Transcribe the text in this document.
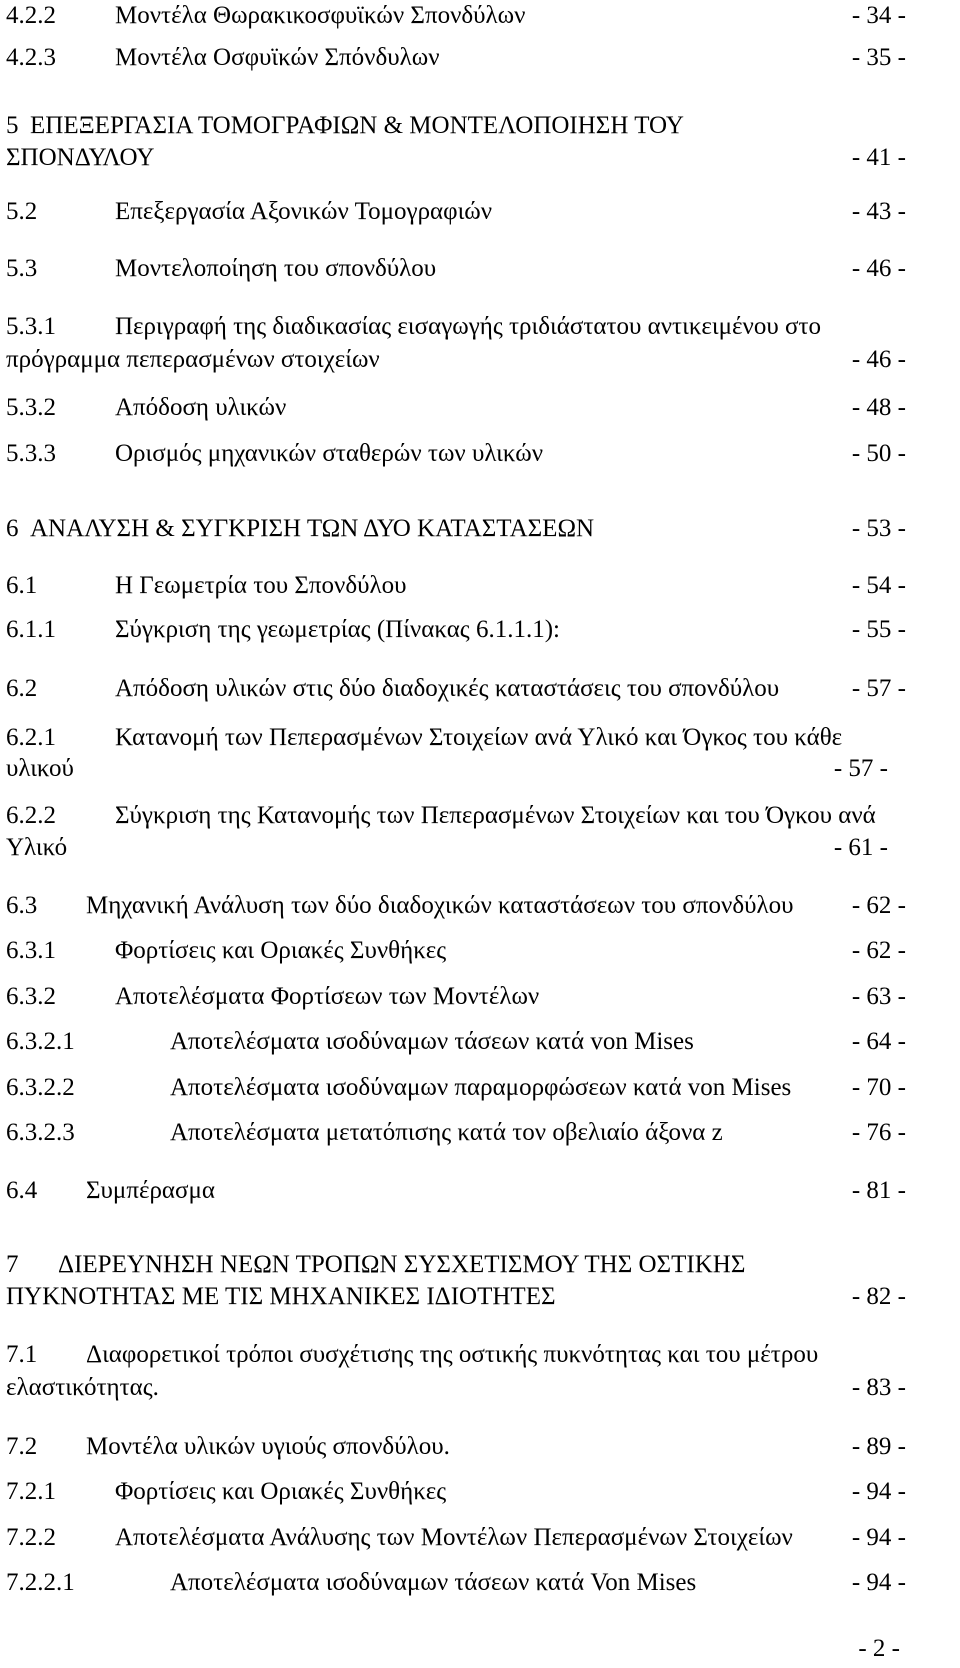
4.2.2 Μοντέλα Θωρακικοσφυϊκών Σπονδύλων	- 34 -
4.2.3 Μοντέλα Οσφυϊκών Σπόνδυλων	- 35 -
5 ΕΠΕΞΕΡΓΑΣΙΑ ΤΟΜΟΓΡΑΦΙΩΝ & ΜΟΝΤΕΛΟΠΟΙΗΣΗ ΤΟΥ
ΣΠΟΝΔΥΛΟΥ	- 41 -
5.2	Επεξεργασία Αξονικών Τομογραφιών	- 43 -
5.3	Μοντελοποίηση του σπονδύλου	- 46 -
5.3.1 Περιγραφή της διαδικασίας εισαγωγής τριδιάστατου αντικειμένου στο
πρόγραμμα πεπερασμένων στοιχείων	- 46 -
5.3.2 Απόδοση υλικών	- 48 -
5.3.3 Ορισμός μηχανικών σταθερών των υλικών	- 50 -
6 ΑΝΑΛΥΣΗ & ΣΥΓΚΡΙΣΗ ΤΩΝ ΔΥΟ ΚΑΤΑΣΤΑΣΕΩΝ	- 53 -
6.1	Η Γεωμετρία του Σπονδύλου	- 54 -
6.1.1 Σύγκριση της γεωμετρίας (Πίνακας 6.1.1.1):	- 55 -
6.2	Απόδοση υλικών στις δύο διαδοχικές καταστάσεις του σπονδύλου	- 57 -
6.2.1 Κατανομή των Πεπερασμένων Στοιχείων ανά Υλικό και Όγκος του κάθε
υλικού	- 57 -
6.2.2 Σύγκριση της Κατανομής των Πεπερασμένων Στοιχείων και του Όγκου ανά
Υλικό	- 61 -
6.3 Μηχανική Ανάλυση των δύο διαδοχικών καταστάσεων του σπονδύλου - 62 -
6.3.1 Φορτίσεις και Οριακές Συνθήκες	- 62 -
6.3.2 Αποτελέσματα Φορτίσεων των Μοντέλων	- 63 -
6.3.2.1	Αποτελέσματα ισοδύναμων τάσεων κατά von Mises	- 64 -
6.3.2.2	Αποτελέσματα ισοδύναμων παραμορφώσεων κατά von Mises - 70 -
6.3.2.3	Αποτελέσματα μετατόπισης κατά τον οβελιαίο άξονα z	- 76 -
6.4 Συμπέρασμα	- 81 -
7 ΔΙΕΡΕΥΝΗΣΗ ΝΕΩΝ ΤΡΟΠΩΝ ΣΥΣΧΕΤΙΣΜΟΥ ΤΗΣ ΟΣΤΙΚΗΣ
ΠΥΚΝΟΤΗΤΑΣ ΜΕ ΤΙΣ ΜΗΧΑΝΙΚΕΣ ΙΔΙΟΤΗΤΕΣ	- 82 -
7.1 Διαφορετικοί τρόποι συσχέτισης της οστικής πυκνότητας και του μέτρου
ελαστικότητας.	- 83 -
7.2 Μοντέλα υλικών υγιούς σπονδύλου.	- 89 -
7.2.1 Φορτίσεις και Οριακές Συνθήκες	- 94 -
7.2.2 Αποτελέσματα Ανάλυσης των Μοντέλων Πεπερασμένων Στοιχείων - 94 -
7.2.2.1	Αποτελέσματα ισοδύναμων τάσεων κατά Von Mises	- 94 -
- 2 -
